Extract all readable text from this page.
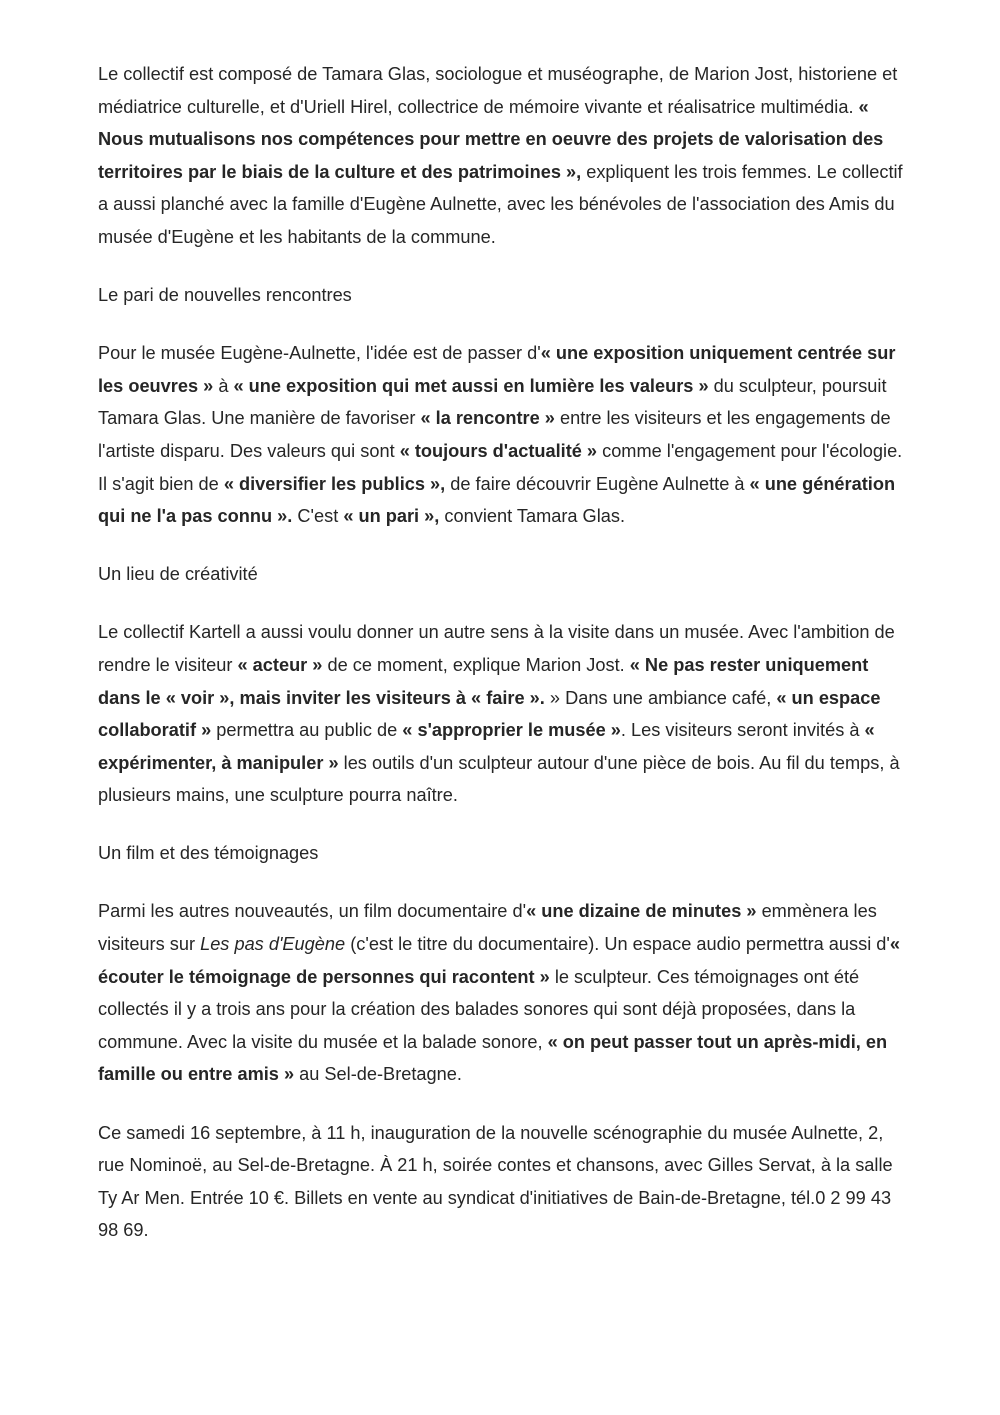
Le collectif est composé de Tamara Glas, sociologue et muséographe, de Marion Jost, historiene et médiatrice culturelle, et d'Uriell Hirel, collectrice de mémoire vivante et réalisatrice multimédia. « Nous mutualisons nos compétences pour mettre en oeuvre des projets de valorisation des territoires par le biais de la culture et des patrimoines », expliquent les trois femmes. Le collectif a aussi planché avec la famille d'Eugène Aulnette, avec les bénévoles de l'association des Amis du musée d'Eugène et les habitants de la commune.

Le pari de nouvelles rencontres

Pour le musée Eugène-Aulnette, l'idée est de passer d'« une exposition uniquement centrée sur les oeuvres » à « une exposition qui met aussi en lumière les valeurs » du sculpteur, poursuit Tamara Glas. Une manière de favoriser « la rencontre » entre les visiteurs et les engagements de l'artiste disparu. Des valeurs qui sont « toujours d'actualité » comme l'engagement pour l'écologie. Il s'agit bien de « diversifier les publics », de faire découvrir Eugène Aulnette à « une génération qui ne l'a pas connu ». C'est « un pari », convient Tamara Glas.

Un lieu de créativité

Le collectif Kartell a aussi voulu donner un autre sens à la visite dans un musée. Avec l'ambition de rendre le visiteur « acteur » de ce moment, explique Marion Jost. « Ne pas rester uniquement dans le « voir », mais inviter les visiteurs à « faire ». » Dans une ambiance café, « un espace collaboratif » permettra au public de « s'approprier le musée ». Les visiteurs seront invités à « expérimenter, à manipuler » les outils d'un sculpteur autour d'une pièce de bois. Au fil du temps, à plusieurs mains, une sculpture pourra naître.

Un film et des témoignages

Parmi les autres nouveautés, un film documentaire d'« une dizaine de minutes » emmènera les visiteurs sur Les pas d'Eugène (c'est le titre du documentaire). Un espace audio permettra aussi d'« écouter le témoignage de personnes qui racontent » le sculpteur. Ces témoignages ont été collectés il y a trois ans pour la création des balades sonores qui sont déjà proposées, dans la commune. Avec la visite du musée et la balade sonore, « on peut passer tout un après-midi, en famille ou entre amis » au Sel-de-Bretagne.

Ce samedi 16 septembre, à 11 h, inauguration de la nouvelle scénographie du musée Aulnette, 2, rue Nominoë, au Sel-de-Bretagne. À 21 h, soirée contes et chansons, avec Gilles Servat, à la salle Ty Ar Men. Entrée 10 €. Billets en vente au syndicat d'initiatives de Bain-de-Bretagne, tél.0 2 99 43 98 69.
